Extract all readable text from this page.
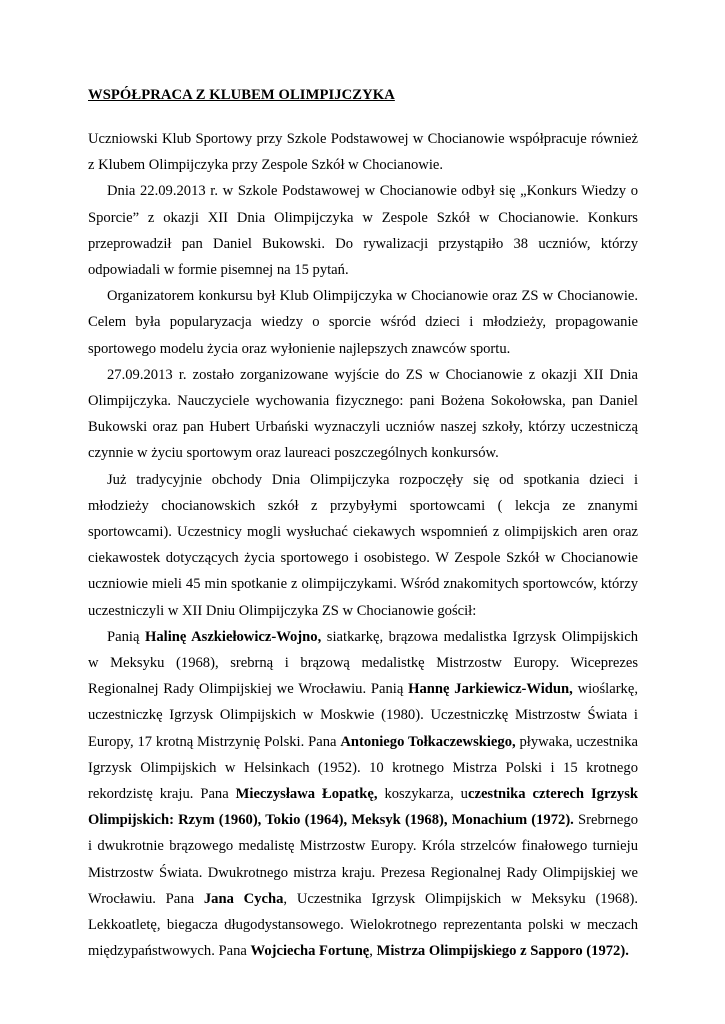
WSPÓŁPRACA Z KLUBEM OLIMPIJCZYKA

Uczniowski Klub Sportowy przy Szkole Podstawowej w Chocianowie współpracuje również z Klubem Olimpijczyka przy Zespole Szkół w Chocianowie.

Dnia 22.09.2013 r. w Szkole Podstawowej w Chocianowie odbył się „Konkurs Wiedzy o Sporcie” z okazji XII Dnia Olimpijczyka w Zespole Szkół w Chocianowie. Konkurs przeprowadził pan Daniel Bukowski. Do rywalizacji przystąpiło 38 uczniów, którzy odpowiadali w formie pisemnej na 15 pytań.

Organizatorem konkursu był Klub Olimpijczyka w Chocianowie oraz ZS w Chocianowie. Celem była popularyzacja wiedzy o sporcie wśród dzieci i młodzieży, propagowanie sportowego modelu życia oraz wyłonienie najlepszych znawców sportu.

27.09.2013 r. zostało zorganizowane wyjście do ZS w Chocianowie z okazji XII Dnia Olimpijczyka. Nauczyciele wychowania fizycznego: pani Bożena Sokołowska, pan Daniel Bukowski oraz pan Hubert Urbański wyznaczyli uczniów naszej szkoły, którzy uczestniczą czynnie w życiu sportowym oraz laureaci poszczególnych konkursów.

Już tradycyjnie obchody Dnia Olimpijczyka rozpoczęły się od spotkania dzieci i młodzieży chocianowskich szkół z przybyłymi sportowcami ( lekcja ze znanymi sportowcami). Uczestnicy mogli wysłuchać ciekawych wspomnień z olimpijskich aren oraz ciekawostek dotyczących życia sportowego i osobistego. W Zespole Szkół w Chocianowie uczniowie mieli 45 min spotkanie z olimpijczykami. Wśród znakomitych sportowców, którzy uczestniczyli w XII Dniu Olimpijczyka ZS w Chocianowie gościł:

Panią Halinę Aszkiełowicz-Wojno, siatkarkę, brązowa medalistka Igrzysk Olimpijskich w Meksyku (1968), srebrną i brązową medalistkę Mistrzostw Europy. Wiceprezes Regionalnej Rady Olimpijskiej we Wrocławiu. Panią Hannę Jarkiewicz-Widun, wioślarkę, uczestniczkę Igrzysk Olimpijskich w Moskwie (1980). Uczestniczkę Mistrzostw Świata i Europy, 17 krotną Mistrzynię Polski. Pana Antoniego Tołkaczewskiego, pływaka, uczestnika Igrzysk Olimpijskich w Helsinkach (1952). 10 krotnego Mistrza Polski i 15 krotnego rekordzistę kraju. Pana Mieczysława Łopatkę, koszykarza, uczestnika czterech Igrzysk Olimpijskich: Rzym (1960), Tokio (1964), Meksyk (1968), Monachium (1972). Srebrnego i dwukrotnie brązowego medalistę Mistrzostw Europy. Króla strzelców finałowego turnieju Mistrzostw Świata. Dwukrotnego mistrza kraju. Prezesa Regionalnej Rady Olimpijskiej we Wrocławiu. Pana Jana Cycha, Uczestnika Igrzysk Olimpijskich w Meksyku (1968). Lekkoatletę, biegacza długodystansowego. Wielokrotnego reprezentanta polski w meczach międzypaństwowych. Pana Wojciecha Fortunę, Mistrza Olimpijskiego z Sapporo (1972).
